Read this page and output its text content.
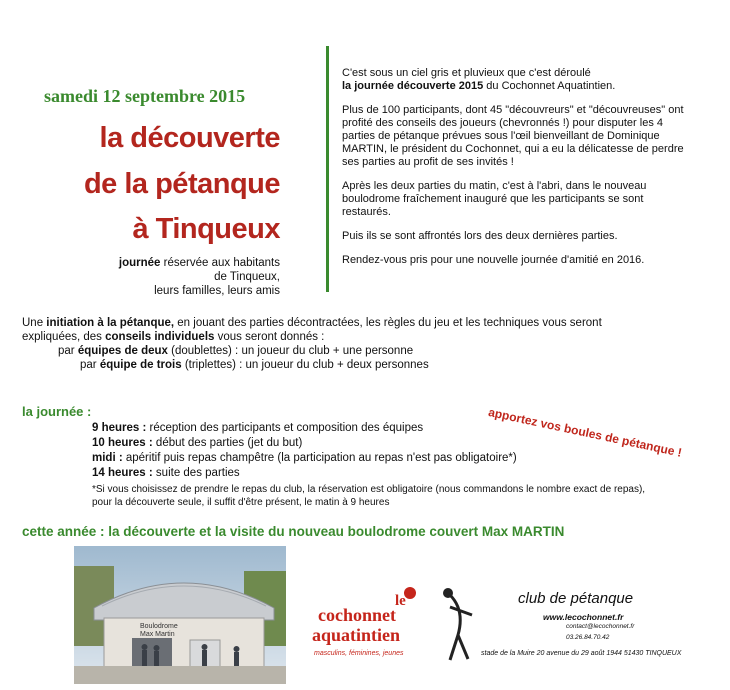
samedi 12 septembre 2015
la découverte
de la pétanque
à Tinqueux
journée réservée aux habitants
de Tinqueux,
leurs familles, leurs amis

C'est sous un ciel gris et pluvieux que c'est déroulé
la journée découverte 2015 du Cochonnet Aquatintien.

Plus de 100 participants, dont 45 "découvreurs" et "découvreuses" ont profité des conseils des joueurs (chevronnés !) pour disputer les 4 parties de pétanque prévues sous l'œil bienveillant de Dominique MARTIN, le président du Cochonnet, qui a eu la délicatesse de perdre ses parties au profit de ses invités !

Après les deux parties du matin, c'est à l'abri, dans le nouveau boulodrome fraîchement inauguré que les participants se sont restaurés.

Puis ils se sont affrontés lors des deux dernières parties.

Rendez-vous pris pour une nouvelle journée d'amitié en 2016.

Une initiation à la pétanque, en jouant des parties décontractées, les règles du jeu et les techniques vous seront
expliquées, des conseils individuels vous seront donnés :
par équipes de deux (doublettes) : un joueur du club + une personne
par équipe de trois (triplettes) : un joueur du club + deux personnes
la journée :	apportez vos boules de pétanque !
9 heures : réception des participants et composition des équipes
10 heures : début des parties (jet du but)
midi : apéritif puis repas champêtre (la participation au repas n'est pas obligatoire*)
14 heures : suite des parties
*Si vous choisissez de prendre le repas du club, la réservation est obligatoire (nous commandons le nombre exact de repas),
pour la découverte seule, il suffit d'être présent, le matin à 9 heures
cette année : la découverte et la visite du nouveau boulodrome couvert Max MARTIN
Boulodrome
Max Martin
le
cochonnet
aquatintien
masculins, féminines, jeunes
club de pétanque
www.lecochonnet.fr
contact@lecochonnet.fr
03.26.84.70.42
stade de la Muire 20 avenue du 29 août 1944 51430 TINQUEUX
